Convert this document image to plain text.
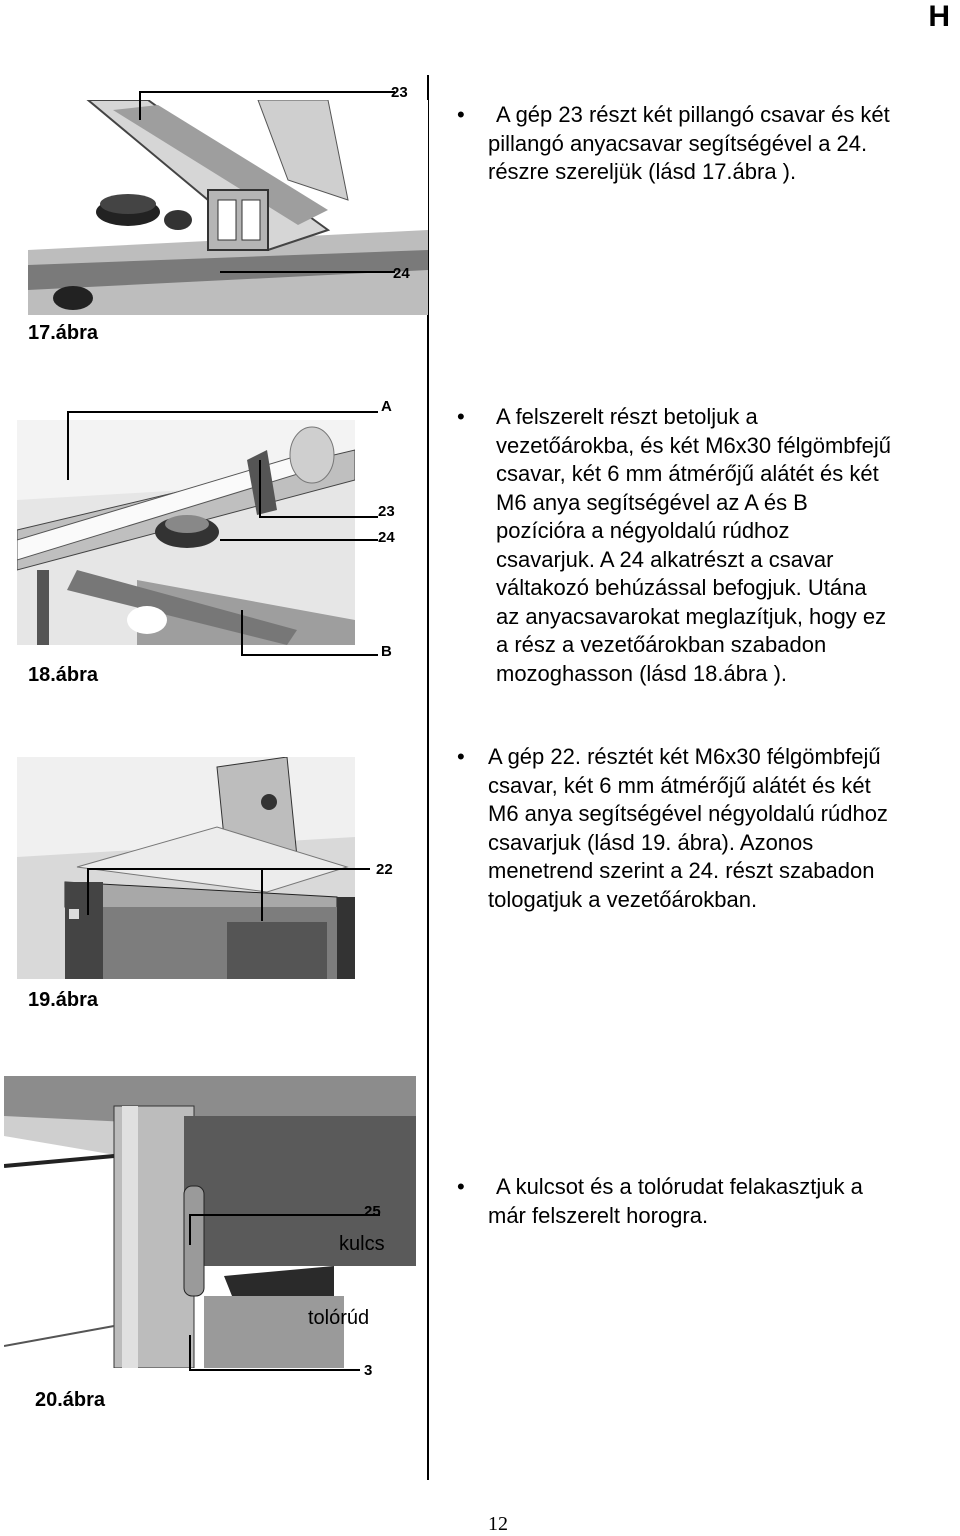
H
23
24
17.ábra
• A gép 23 részt két pillangó csavar és két
pillangó anyacsavar segítségével a 24.
részre szereljük (lásd 17.ábra ).
A
23
24
B
18.ábra
• A felszerelt részt betoljuk a
vezetőárokba, és két M6x30 félgömbfejű
csavar, két 6 mm átmérőjű alátét és két
M6 anya segítségével az A és B
pozícióra a négyoldalú rúdhoz
csavarjuk. A 24 alkatrészt a csavar
váltakozó behúzással befogjuk. Utána
az anyacsavarokat meglazítjuk, hogy ez
a rész a vezetőárokban szabadon
mozoghasson (lásd 18.ábra ).
22
19.ábra
• A gép 22. résztét két M6x30 félgömbfejű
csavar, két 6 mm átmérőjű alátét és két
M6 anya segítségével négyoldalú rúdhoz
csavarjuk (lásd 19. ábra). Azonos
menetrend szerint a 24. részt szabadon
tologatjuk a vezetőárokban.
25
kulcs
tolórúd
3
20.ábra
• A kulcsot és a tolórudat felakasztjuk a
már felszerelt horogra.
12
